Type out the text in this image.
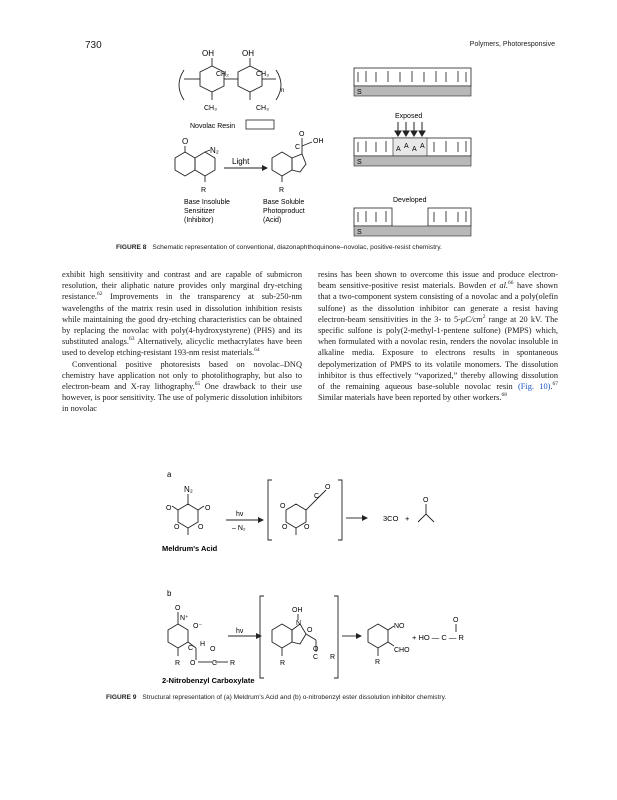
730	Polymers, Photoresponsive
OH	OH
CH₂	CH₃
CH₃	CH₃
n
Novolac Resin
O
N₂
Light
O
C
OH
R	R
Base Insoluble
Sensitizer
(Inhibitor)
Base Soluble
Photoproduct
(Acid)
S
Exposed
A A A A
S
Developed
S
FIGURE 8 Schematic representation of conventional, diazonaphthoquinone–novolac, positive-resist chemistry.

exhibit high sensitivity and contrast and are capable of submicron resolution, their aliphatic nature provides only marginal dry-etching resistance.$^{62}$ Improvements in the transparency at sub-250-nm wavelengths of the matrix resin used in dissolution inhibition resists while maintaining the good dry-etching characteristics can be obtained by replacing the novolac with poly(4-hydroxystyrene) (PHS) and its substituted analogs.$^{63}$ Alternatively, alicyclic methacrylates have been used to develop etching-resistant 193-nm resist materials.$^{64}$

Conventional positive photoresists based on novolac–DNQ chemistry have application not only to photolithography, but also to electron-beam and X-ray lithography.$^{65}$ One drawback to their use however, is poor sensitivity. The use of polymeric dissolution inhibitors in novolac

resins has been shown to overcome this issue and produce electron-beam sensitive-positive resist materials. Bowden et al.$^{66}$ have shown that a two-component system consisting of a novolac and a poly(olefin sulfone) as the dissolution inhibitor can generate a resist having electron-beam sensitivities in the 3- to $5-\mu C/cm^2$ range at 20 kV. The specific sulfone is poly(2-methyl-1-pentene sulfone) (PMPS) which, when formulated with a novolac resin, renders the novolac insoluble in alkaline media. Exposure to electrons results in spontaneous depolymerization of PMPS to its volatile monomers. The dissolution inhibitor is thus effectively “vaporized,” thereby allowing dissolution of the remaining aqueous base-soluble novolac resin (Fig. 10).$^{67}$ Similar materials have been reported by other workers.$^{68}$

a
N₂
O	O
O	O
Meldrum's Acid
hν
– N₂
O
C
O
O O
3CO +
O
b
O
N⁺
O⁻
H
C
O C
O
R
R
2-Nitrobenzyl Carboxylate
hν
OH
N
O
O
C R
R
NO
CHO
R
+ HO — C — R
O
FIGURE 9 Structural representation of (a) Meldrum's Acid and (b) o-nitrobenzyl ester dissolution inhibitor chemistry.
